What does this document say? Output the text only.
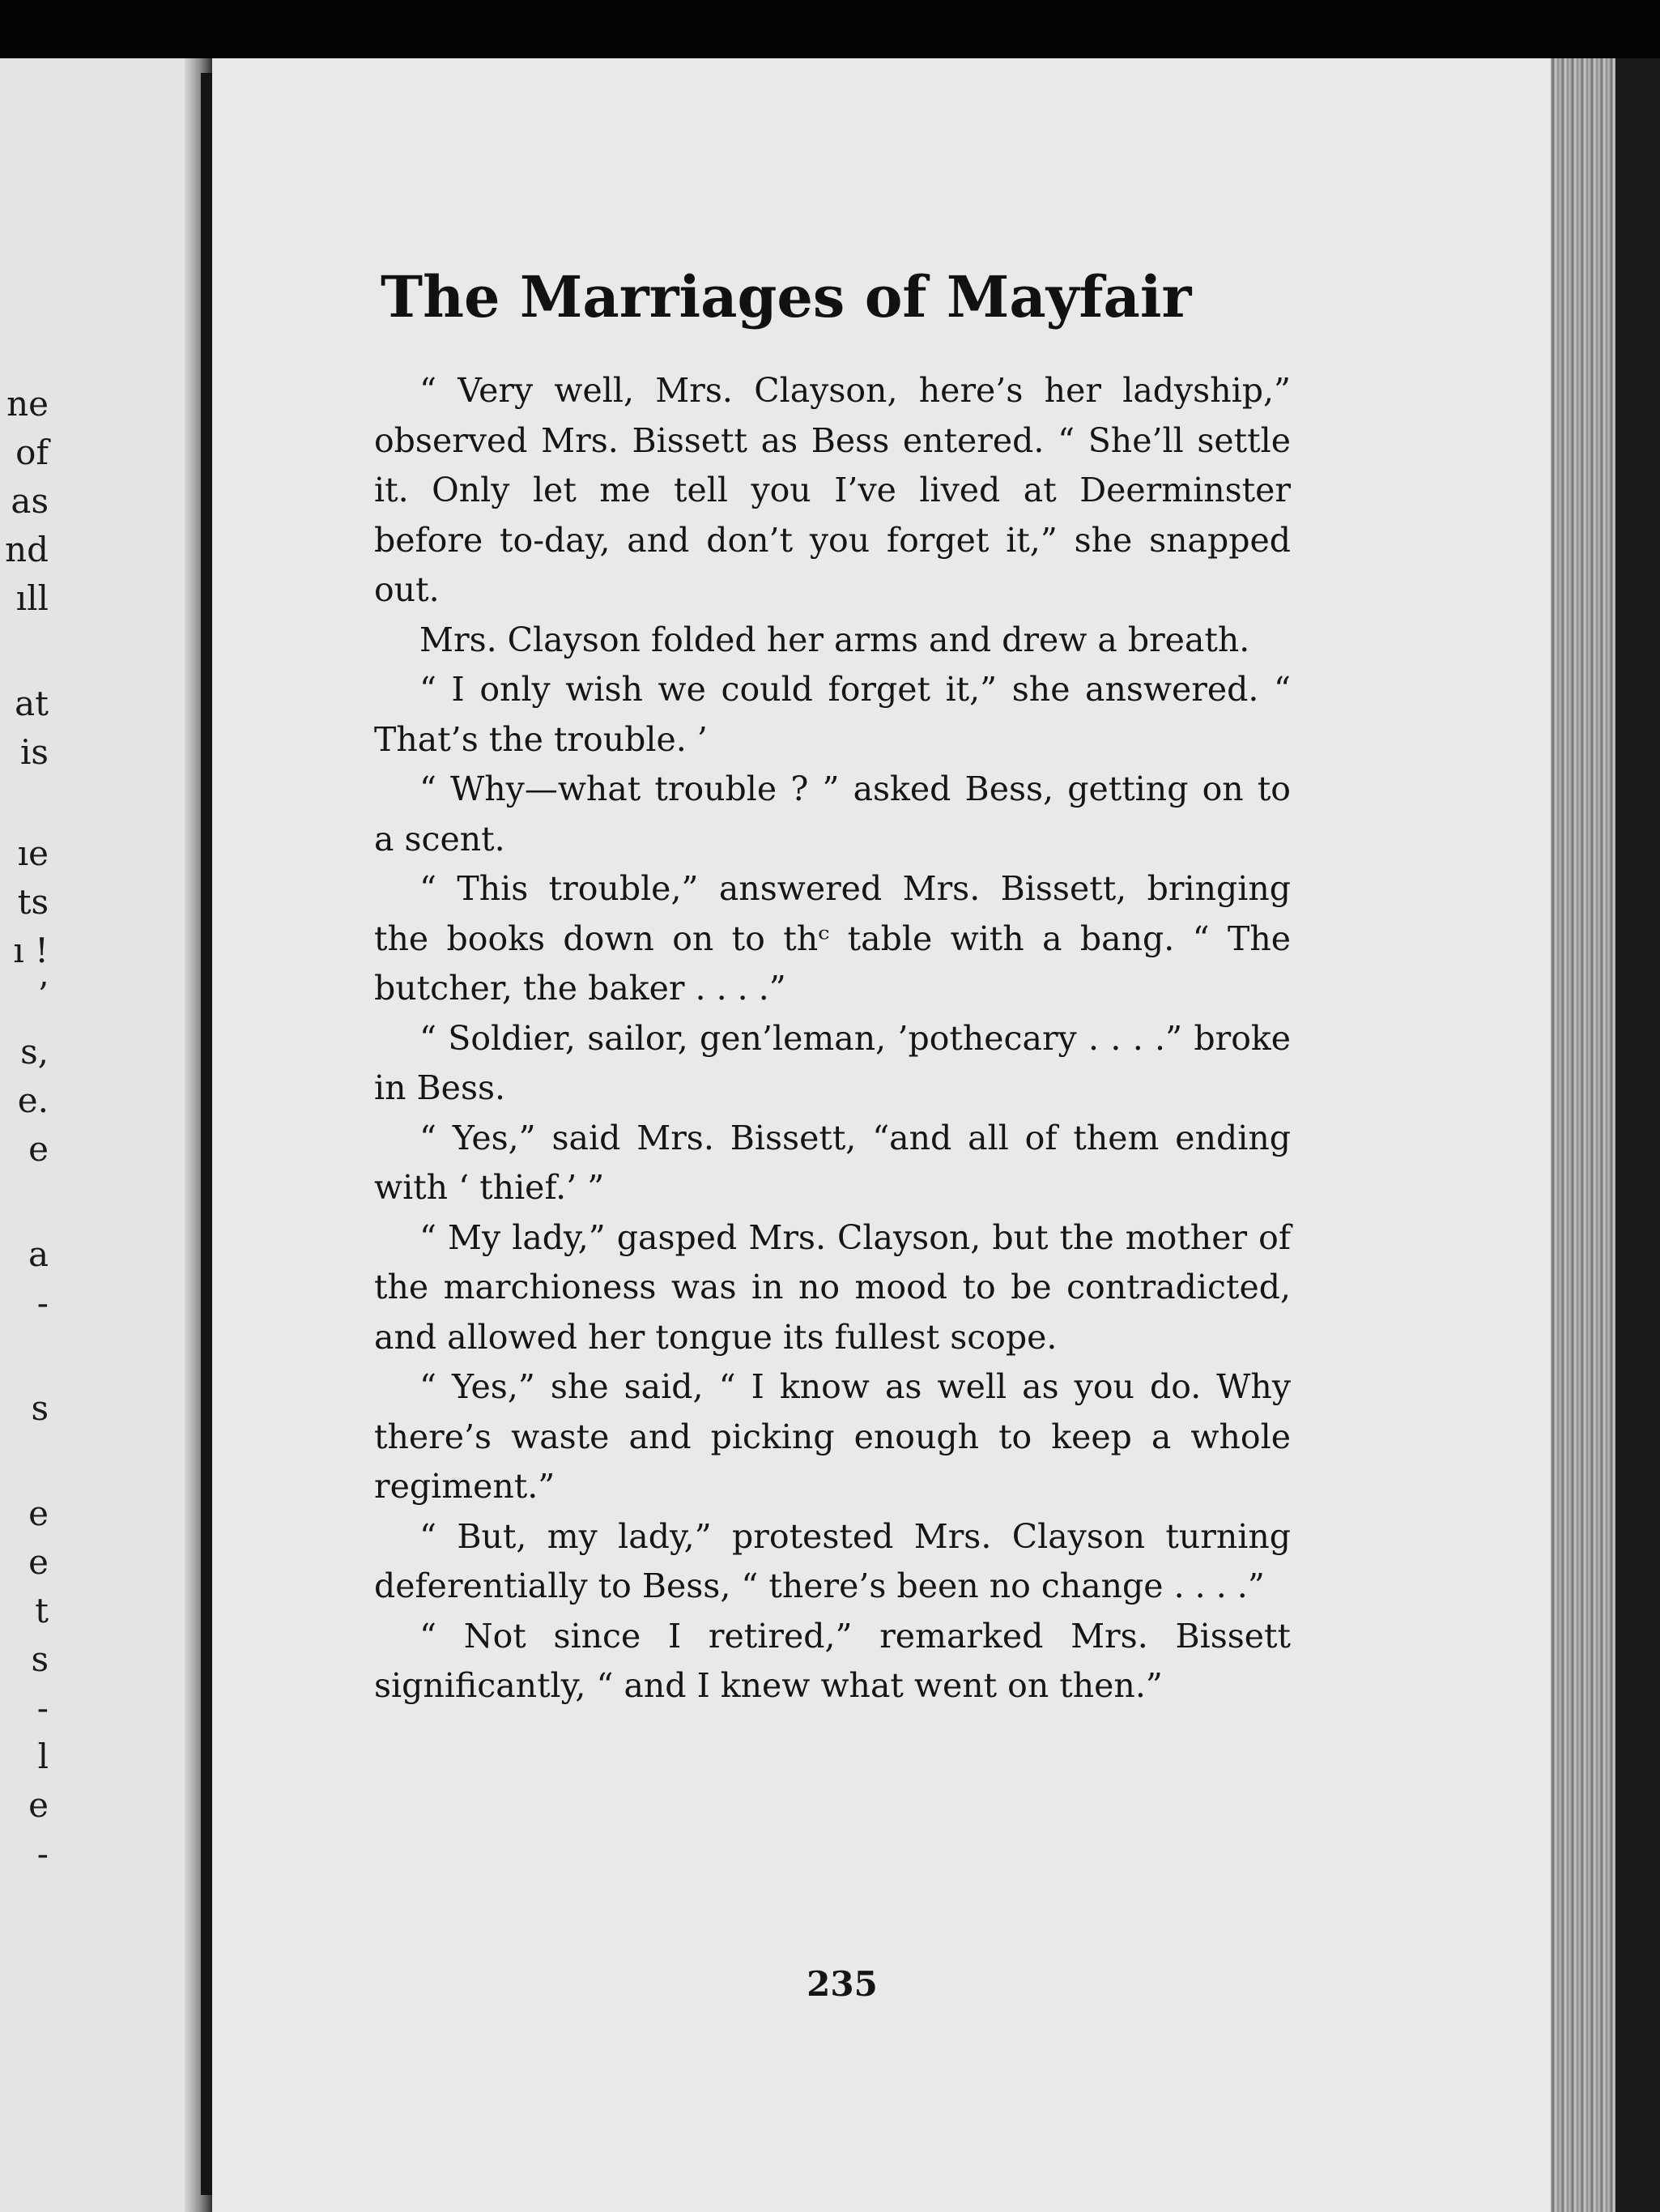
ne
of
as
nd
ıll
at
is
ıe
ts
ı !
’
s,
e.
e
a
-
s
e
e
t
s
-
l
e
-
The Marriages of Mayfair

“ Very well, Mrs. Clayson, here’s her ladyship,” observed Mrs. Bissett as Bess entered. “ She’ll settle it. Only let me tell you I’ve lived at Deerminster before to-day, and don’t you forget it,” she snapped out.

Mrs. Clayson folded her arms and drew a breath.

“ I only wish we could forget it,” she answered. “ That’s the trouble. ’

“ Why—what trouble ? ” asked Bess, getting on to a scent.

“ This trouble,” answered Mrs. Bissett, bringing the books down on to thᶜ table with a bang. “ The butcher, the baker . . . .”

“ Soldier, sailor, gen’leman, ’pothecary . . . .” broke in Bess.

“ Yes,” said Mrs. Bissett, “and all of them ending with ‘ thief.’ ”

“ My lady,” gasped Mrs. Clayson, but the mother of the marchioness was in no mood to be contradicted, and allowed her tongue its fullest scope.

“ Yes,” she said, “ I know as well as you do. Why there’s waste and picking enough to keep a whole regiment.”

“ But, my lady,” protested Mrs. Clayson turning deferentially to Bess, “ there’s been no change . . . .”

“ Not since I retired,” remarked Mrs. Bissett significantly, “ and I knew what went on then.”

235
